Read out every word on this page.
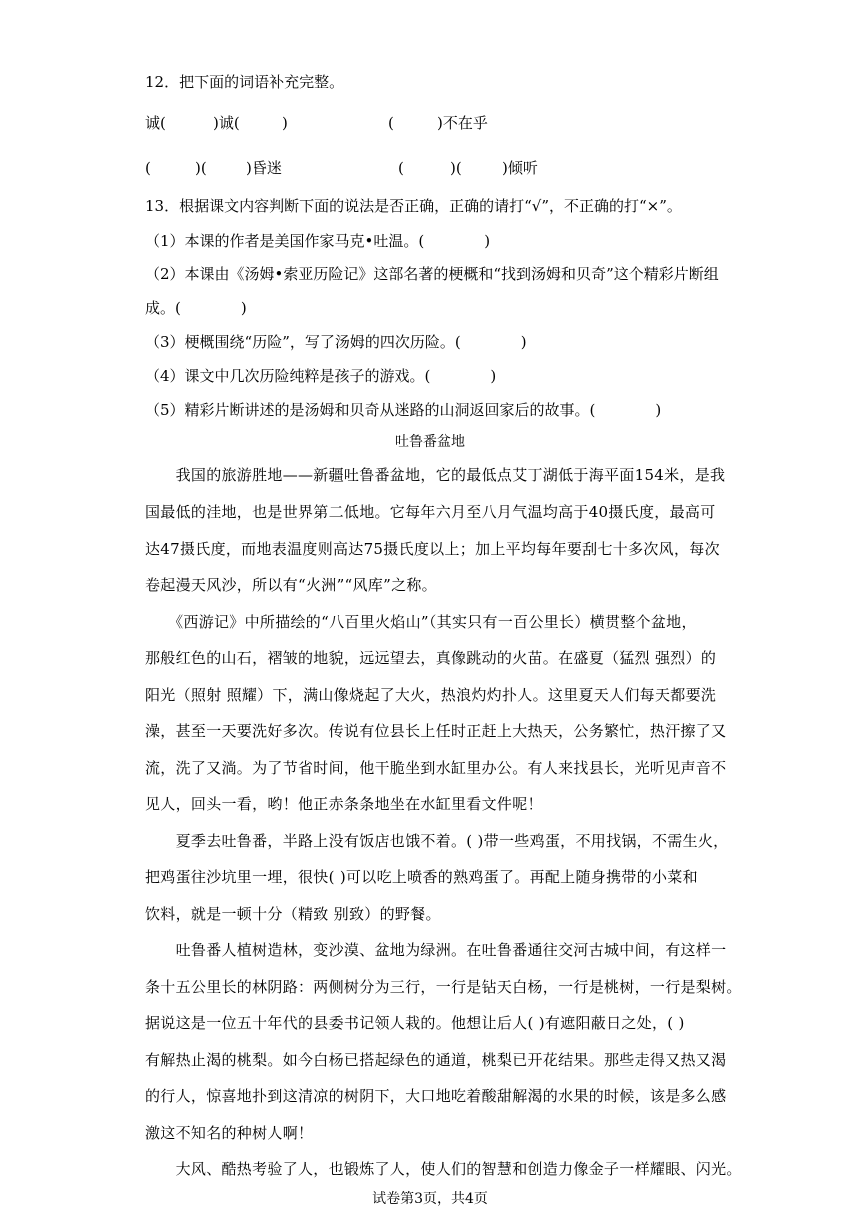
12．把下面的词语补充完整。
诚(	)诚(	)	(	)不在乎
(	)(	)昏迷	(	)(	)倾听
13．根据课文内容判断下面的说法是否正确，正确的请打“√”，不正确的打“×”。
（1）本课的作者是美国作家马克•吐温。(　　　　)
（2）本课由《汤姆•索亚历险记》这部名著的梗概和“找到汤姆和贝奇”这个精彩片断组
成。(　　　　)
（3）梗概围绕“历险”，写了汤姆的四次历险。(　　　　)
（4）课文中几次历险纯粹是孩子的游戏。(　　　　)
（5）精彩片断讲述的是汤姆和贝奇从迷路的山洞返回家后的故事。(　　　　)
吐鲁番盆地
　　我国的旅游胜地——新疆吐鲁番盆地，它的最低点艾丁湖低于海平面154米，是我
国最低的洼地，也是世界第二低地。它每年六月至八月气温均高于40摄氏度，最高可
达47摄氏度，而地表温度则高达75摄氏度以上；加上平均每年要刮七十多次风，每次
卷起漫天风沙，所以有“火洲”“风库”之称。
　　《西游记》中所描绘的“八百里火焰山”（其实只有一百公里长）横贯整个盆地，
那般红色的山石，褶皱的地貌，远远望去，真像跳动的火苗。在盛夏（猛烈 强烈）的
阳光（照射 照耀）下，满山像烧起了大火，热浪灼灼扑人。这里夏天人们每天都要洗
澡，甚至一天要洗好多次。传说有位县长上任时正赶上大热天，公务繁忙，热汗擦了又
流，洗了又淌。为了节省时间，他干脆坐到水缸里办公。有人来找县长，光听见声音不
见人，回头一看，哟！他正赤条条地坐在水缸里看文件呢！
　　夏季去吐鲁番，半路上没有饭店也饿不着。( )带一些鸡蛋，不用找锅，不需生火，
把鸡蛋往沙坑里一埋，很快( )可以吃上喷香的熟鸡蛋了。再配上随身携带的小菜和
饮料，就是一顿十分（精致 别致）的野餐。
　　吐鲁番人植树造林，变沙漠、盆地为绿洲。在吐鲁番通往交河古城中间，有这样一
条十五公里长的林阴路：两侧树分为三行，一行是钻天白杨，一行是桃树，一行是梨树。
据说这是一位五十年代的县委书记领人栽的。他想让后人( )有遮阳蔽日之处，( )
有解热止渴的桃梨。如今白杨已搭起绿色的通道，桃梨已开花结果。那些走得又热又渴
的行人，惊喜地扑到这清凉的树阴下，大口地吃着酸甜解渴的水果的时候，该是多么感
激这不知名的种树人啊！
　　大风、酷热考验了人，也锻炼了人，使人们的智慧和创造力像金子一样耀眼、闪光。
试卷第3页，共4页
